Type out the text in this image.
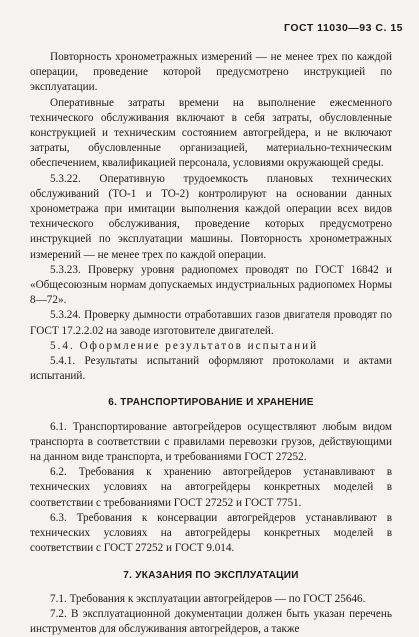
ГОСТ 11030—93 С. 15

Повторность хронометражных измерений — не менее трех по каждой операции, проведение которой предусмотрено инструкцией по эксплуатации.

Оперативные затраты времени на выполнение ежесменного технического обслуживания включают в себя затраты, обусловленные конструкцией и техническим состоянием автогрейдера, и не включают затраты, обусловленные организацией, материально-техническим обеспечением, квалификацией персонала, условиями окружающей среды.

5.3.22. Оперативную трудоемкость плановых технических обслуживаний (ТО-1 и ТО-2) контролируют на основании данных хронометража при имитации выполнения каждой операции всех видов технического обслуживания, проведение которых предусмотрено инструкцией по эксплуатации машины. Повторность хронометражных измерений — не менее трех по каждой операции.

5.3.23. Проверку уровня радиопомех проводят по ГОСТ 16842 и «Общесоюзным нормам допускаемых индустриальных радиопомех Нормы 8—72».

5.3.24. Проверку дымности отработавших газов двигателя проводят по ГОСТ 17.2.2.02 на заводе изготовителе двигателей.

5.4. Оформление результатов испытаний

5.4.1. Результаты испытаний оформляют протоколами и актами испытаний.

6. ТРАНСПОРТИРОВАНИЕ И ХРАНЕНИЕ

6.1. Транспортирование автогрейдеров осуществляют любым видом транспорта в соответствии с правилами перевозки грузов, действующими на данном виде транспорта, и требованиями ГОСТ 27252.

6.2. Требования к хранению автогрейдеров устанавливают в технических условиях на автогрейдеры конкретных моделей в соответствии с требованиями ГОСТ 27252 и ГОСТ 7751.

6.3. Требования к консервации автогрейдеров устанавливают в технических условиях на автогрейдеры конкретных моделей в соответствии с ГОСТ 27252 и ГОСТ 9.014.

7. УКАЗАНИЯ ПО ЭКСПЛУАТАЦИИ

7.1. Требования к эксплуатации автогрейдеров — по ГОСТ 25646.

7.2. В эксплуатационной документации должен быть указан перечень инструментов для обслуживания автогрейдеров, а также
